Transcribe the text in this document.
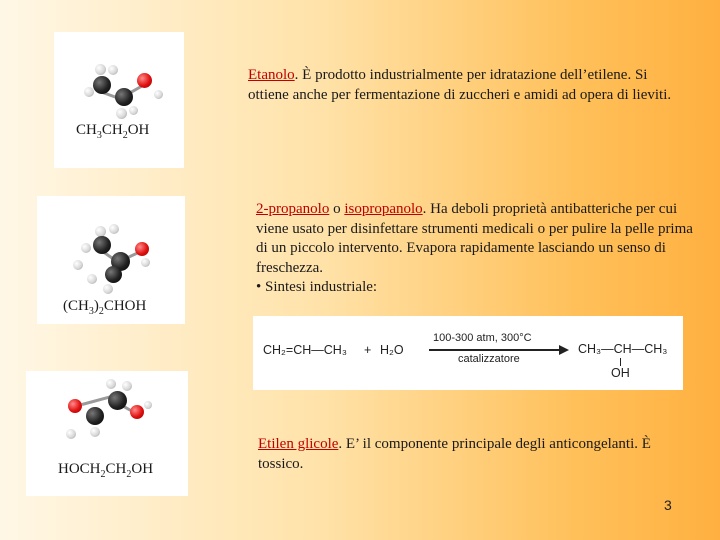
$CH_3CH_2OH$
$(CH_3)_2CHOH$
$HOCH_2CH_2OH$
Etanolo. È prodotto industrialmente per idratazione dell’etilene. Si ottiene anche per fermentazione di zuccheri e amidi ad opera di lieviti.
2-propanolo o isopropanolo. Ha deboli proprietà antibatteriche per cui viene usato per disinfettare strumenti medicali o per pulire la pelle prima di un piccolo intervento. Evapora rapidamente lasciando un senso di freschezza.
• Sintesi industriale:
CH₂=CH—CH₃ + H₂O
100-300 atm, 300°C
catalizzatore
CH₃—CH—CH₃
OH
Etilen glicole. E’ il componente principale degli anticongelanti. È tossico.
3
